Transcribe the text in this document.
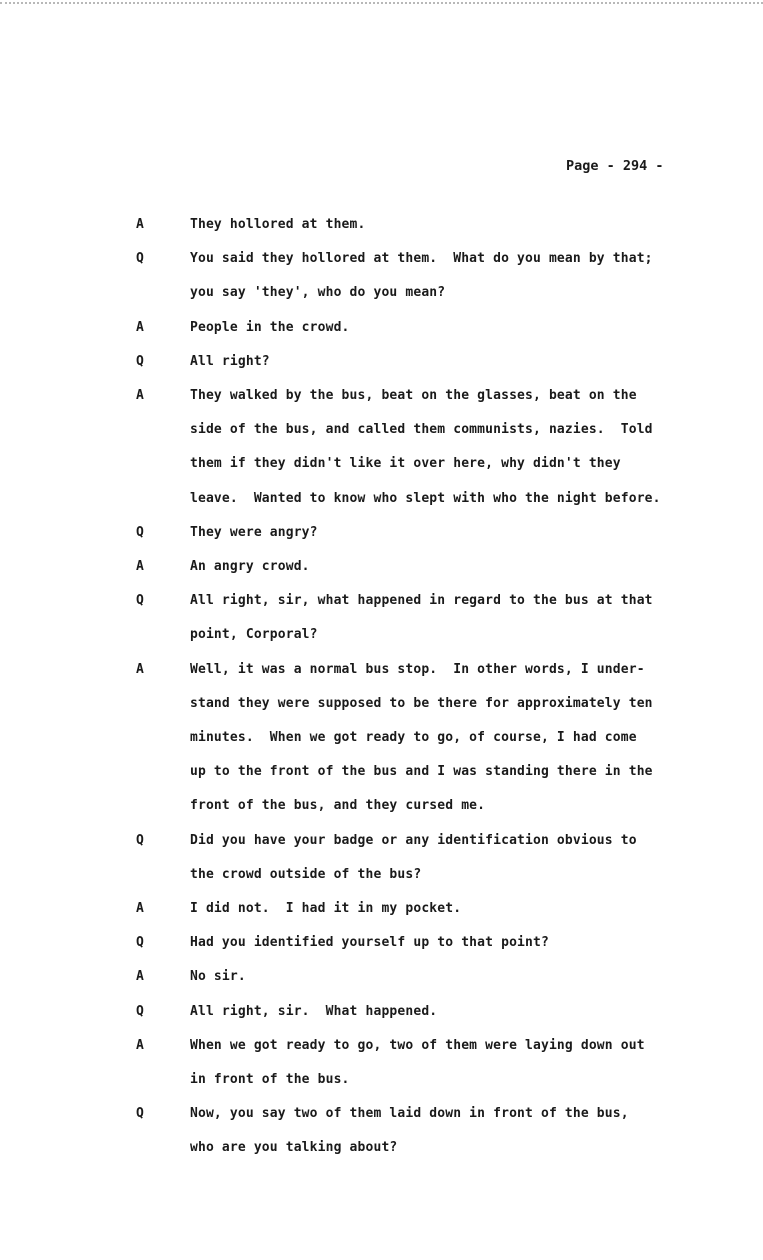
Page - 294 -
A	They hollored at them.
Q	You said they hollored at them.  What do you mean by that;
you say 'they', who do you mean?
A	People in the crowd.
Q	All right?
A	They walked by the bus, beat on the glasses, beat on the
side of the bus, and called them communists, nazies.  Told
them if they didn't like it over here, why didn't they
leave.  Wanted to know who slept with who the night before.
Q	They were angry?
A	An angry crowd.
Q	All right, sir, what happened in regard to the bus at that
point, Corporal?
A	Well, it was a normal bus stop.  In other words, I under-
stand they were supposed to be there for approximately ten
minutes.  When we got ready to go, of course, I had come
up to the front of the bus and I was standing there in the
front of the bus, and they cursed me.
Q	Did you have your badge or any identification obvious to
the crowd outside of the bus?
A	I did not.  I had it in my pocket.
Q	Had you identified yourself up to that point?
A	No sir.
Q	All right, sir.  What happened.
A	When we got ready to go, two of them were laying down out
in front of the bus.
Q	Now, you say two of them laid down in front of the bus,
who are you talking about?
